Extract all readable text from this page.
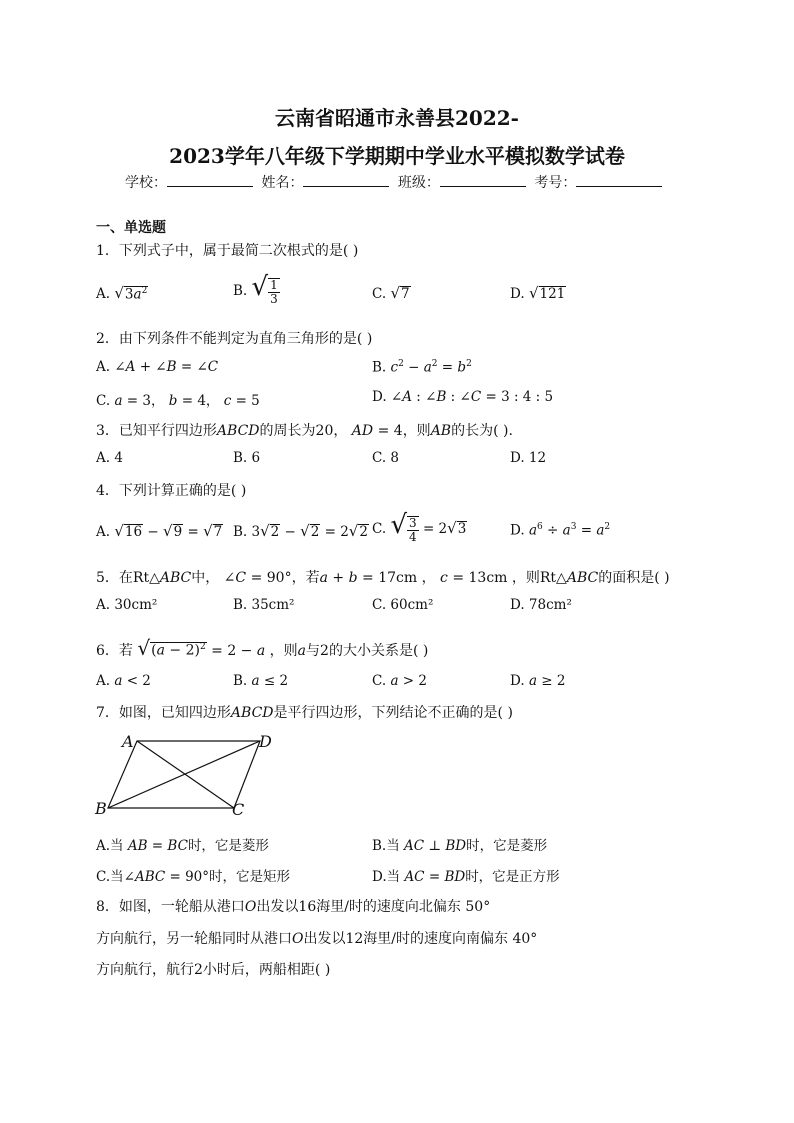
云南省昭通市永善县2022-
2023学年八年级下学期期中学业水平模拟数学试卷
学校：	姓名：	班级：	考号：
一、单选题
1．下列式子中，属于最简二次根式的是( )
A. $√3a^2$	B. √ $\frac{1}{3}$	C. √7	D. √121
2．由下列条件不能判定为直角三角形的是( )
A. ∠A + ∠B = ∠C	B. $c^2 - a^2 = b^2$
C. a = 3， b = 4， c = 5	D. ∠A : ∠B : ∠C = 3 : 4 : 5
3．已知平行四边形ABCD的周长为20， AD = 4，则AB的长为( ).
A. 4	B. 6	C. 8	D. 12
4．下列计算正确的是( )
A. √16 − √9 = √7 B. 3√2 − √2 = 2√2 C. √ $\frac{3}{4} = 2√3$	D. $a^6 \div a^3 = a^2$
5．在Rt△ABC中， ∠C = 90°，若a + b = 17cm ， c = 13cm ，则Rt△ABC的面积是( )
A. 30cm²	B. 35cm²	C. 60cm²	D. 78cm²
6．若 $√(a - 2)^2 = 2 - a$ ，则a与2的大小关系是( )
A. a < 2	B. a ≤ 2	C. a > 2	D. a ≥ 2
7．如图，已知四边形ABCD是平行四边形，下列结论不正确的是( )
A	D
B	C
A.当 AB = BC时，它是菱形	B.当 AC ⊥ BD时，它是菱形
C.当∠ABC = 90°时，它是矩形	D.当 AC = BD时，它是正方形
8．如图，一轮船从港口O出发以16海里/时的速度向北偏东 50°
方向航行，另一轮船同时从港口O出发以12海里/时的速度向南偏东 40°
方向航行，航行2小时后，两船相距( )
